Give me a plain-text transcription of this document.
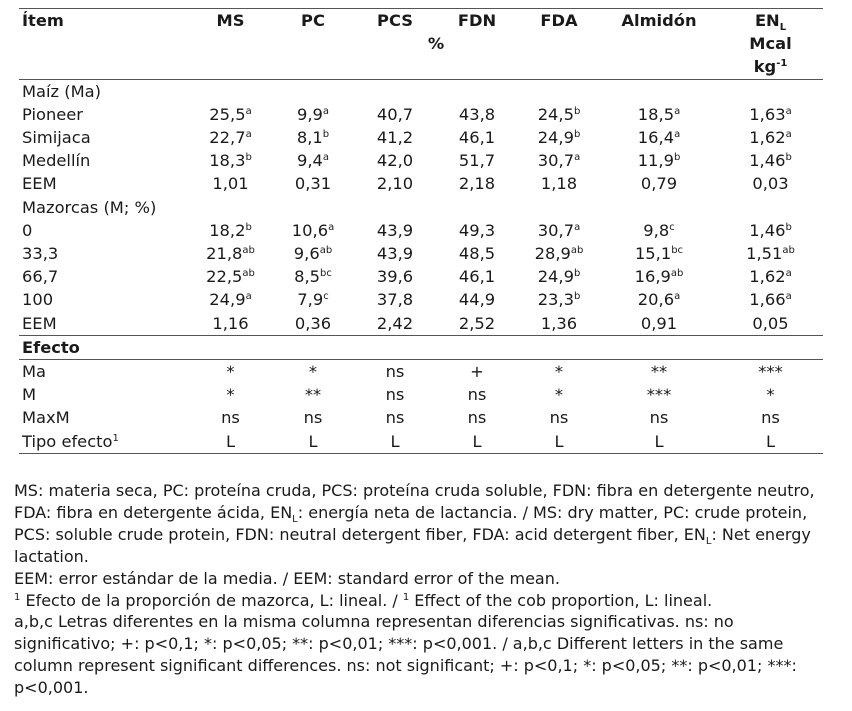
Ítem	MS	PC	PCS	FDN	FDA	Almidón	$EN_L$
			%				Mcal
							$kg^{-1}$
Maíz (Ma)							
Pioneer	25,5$^a$	9,9$^a$	40,7	43,8	24,5$^b$	18,5$^a$	1,63$^a$
Simijaca	22,7$^a$	8,1$^b$	41,2	46,1	24,9$^b$	16,4$^a$	1,62$^a$
Medellín	18,3$^b$	9,4$^a$	42,0	51,7	30,7$^a$	11,9$^b$	1,46$^b$
EEM	1,01	0,31	2,10	2,18	1,18	0,79	0,03
Mazorcas (M; %)							
0	18,2$^b$	10,6$^a$	43,9	49,3	30,7$^a$	9,8$^c$	1,46$^b$
33,3	21,8$^{ab}$	9,6$^{ab}$	43,9	48,5	28,9$^{ab}$	15,1$^{bc}$	1,51$^{ab}$
66,7	22,5$^{ab}$	8,5$^{bc}$	39,6	46,1	24,9$^b$	16,9$^{ab}$	1,62$^a$
100	24,9$^a$	7,9$^c$	37,8	44,9	23,3$^b$	20,6$^a$	1,66$^a$
EEM	1,16	0,36	2,42	2,52	1,36	0,91	0,05
Efecto							
Ma	*	*	ns	+	*	**	***
M	*	**	ns	ns	*	***	*
MaxM	ns	ns	ns	ns	ns	ns	ns
Tipo efecto$^1$	L	L	L	L	L	L	L

MS: materia seca, PC: proteína cruda, PCS: proteína cruda soluble, FDN: fibra en detergente neutro, FDA: fibra en detergente ácida, $EN_L$: energía neta de lactancia. / MS: dry matter, PC: crude protein, PCS: soluble crude protein, FDN: neutral detergent fiber, FDA: acid detergent fiber, $EN_L$: Net energy lactation.

EEM: error estándar de la media. / EEM: standard error of the mean.

$^1$ Efecto de la proporción de mazorca, L: lineal. / $^1$ Effect of the cob proportion, L: lineal.

a,b,c Letras diferentes en la misma columna representan diferencias significativas. ns: no significativo; +: p<0,1; *: p<0,05; **: p<0,01; ***: p<0,001. / a,b,c Different letters in the same column represent significant differences. ns: not significant; +: p<0,1; *: p<0,05; **: p<0,01; ***: p<0,001.
